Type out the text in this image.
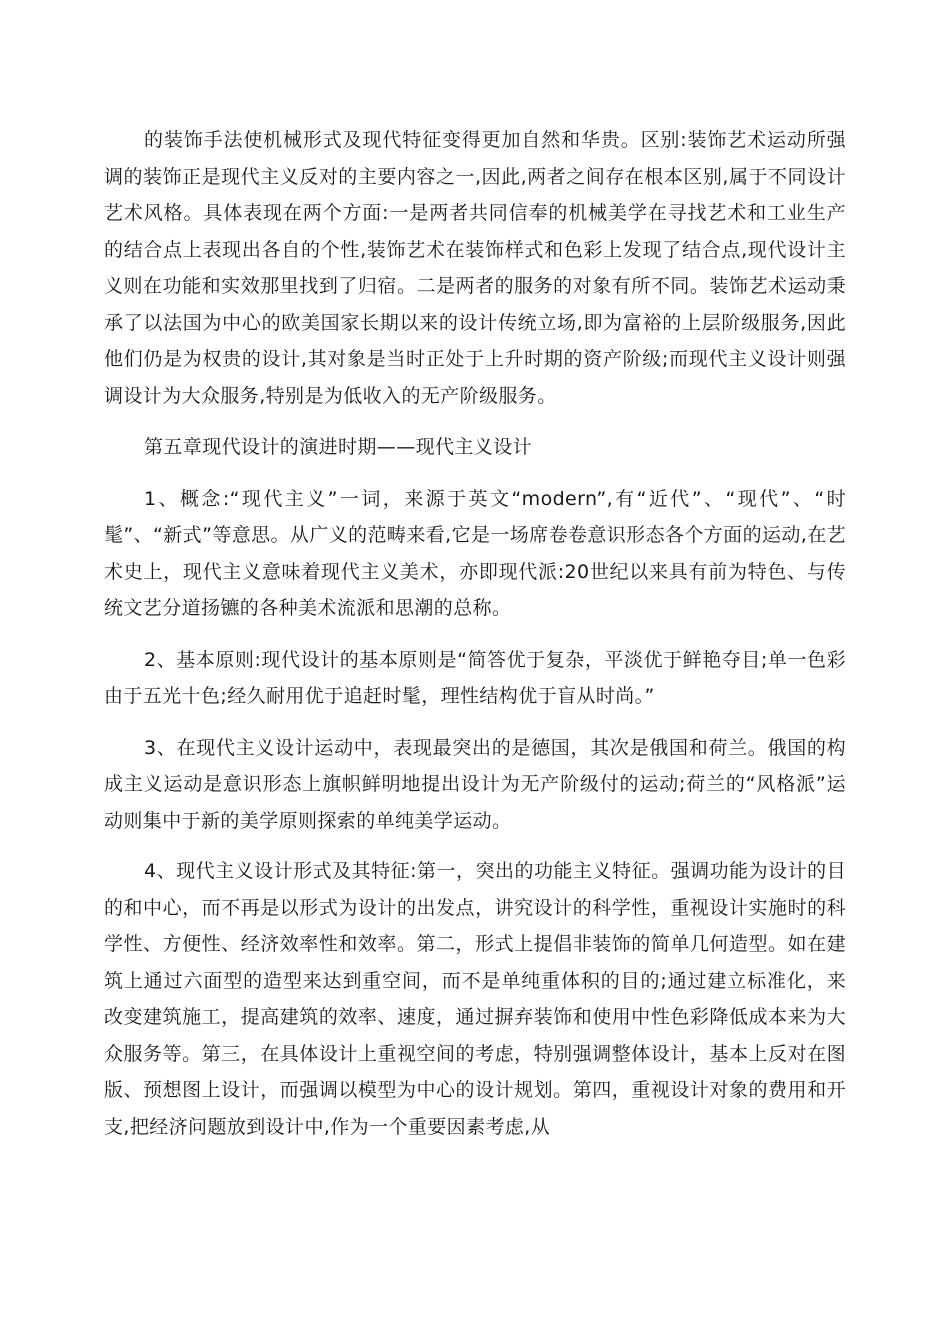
的装饰手法使机械形式及现代特征变得更加自然和华贵。区别:装饰艺术运动所强调的装饰正是现代主义反对的主要内容之一,因此,两者之间存在根本区别,属于不同设计艺术风格。具体表现在两个方面:一是两者共同信奉的机械美学在寻找艺术和工业生产的结合点上表现出各自的个性,装饰艺术在装饰样式和色彩上发现了结合点,现代设计主义则在功能和实效那里找到了归宿。二是两者的服务的对象有所不同。装饰艺术运动秉承了以法国为中心的欧美国家长期以来的设计传统立场,即为富裕的上层阶级服务,因此他们仍是为权贵的设计,其对象是当时正处于上升时期的资产阶级;而现代主义设计则强调设计为大众服务,特别是为低收入的无产阶级服务。

第五章现代设计的演进时期——现代主义设计

1、概念:“现代主义”一词，来源于英文“modern”,有“近代”、“现代”、“时髦”、“新式”等意思。从广义的范畴来看,它是一场席卷卷意识形态各个方面的运动,在艺术史上，现代主义意味着现代主义美术，亦即现代派:20世纪以来具有前为特色、与传统文艺分道扬镳的各种美术流派和思潮的总称。

2、基本原则:现代设计的基本原则是“简答优于复杂，平淡优于鲜艳夺目;单一色彩由于五光十色;经久耐用优于追赶时髦，理性结构优于盲从时尚。”

3、在现代主义设计运动中，表现最突出的是德国，其次是俄国和荷兰。俄国的构成主义运动是意识形态上旗帜鲜明地提出设计为无产阶级付的运动;荷兰的“风格派”运动则集中于新的美学原则探索的单纯美学运动。

4、现代主义设计形式及其特征:第一，突出的功能主义特征。强调功能为设计的目的和中心，而不再是以形式为设计的出发点，讲究设计的科学性，重视设计实施时的科学性、方便性、经济效率性和效率。第二，形式上提倡非装饰的简单几何造型。如在建筑上通过六面型的造型来达到重空间，而不是单纯重体积的目的;通过建立标准化，来改变建筑施工，提高建筑的效率、速度，通过摒弃装饰和使用中性色彩降低成本来为大众服务等。第三，在具体设计上重视空间的考虑，特别强调整体设计，基本上反对在图版、预想图上设计，而强调以模型为中心的设计规划。第四，重视设计对象的费用和开支,把经济问题放到设计中,作为一个重要因素考虑,从
